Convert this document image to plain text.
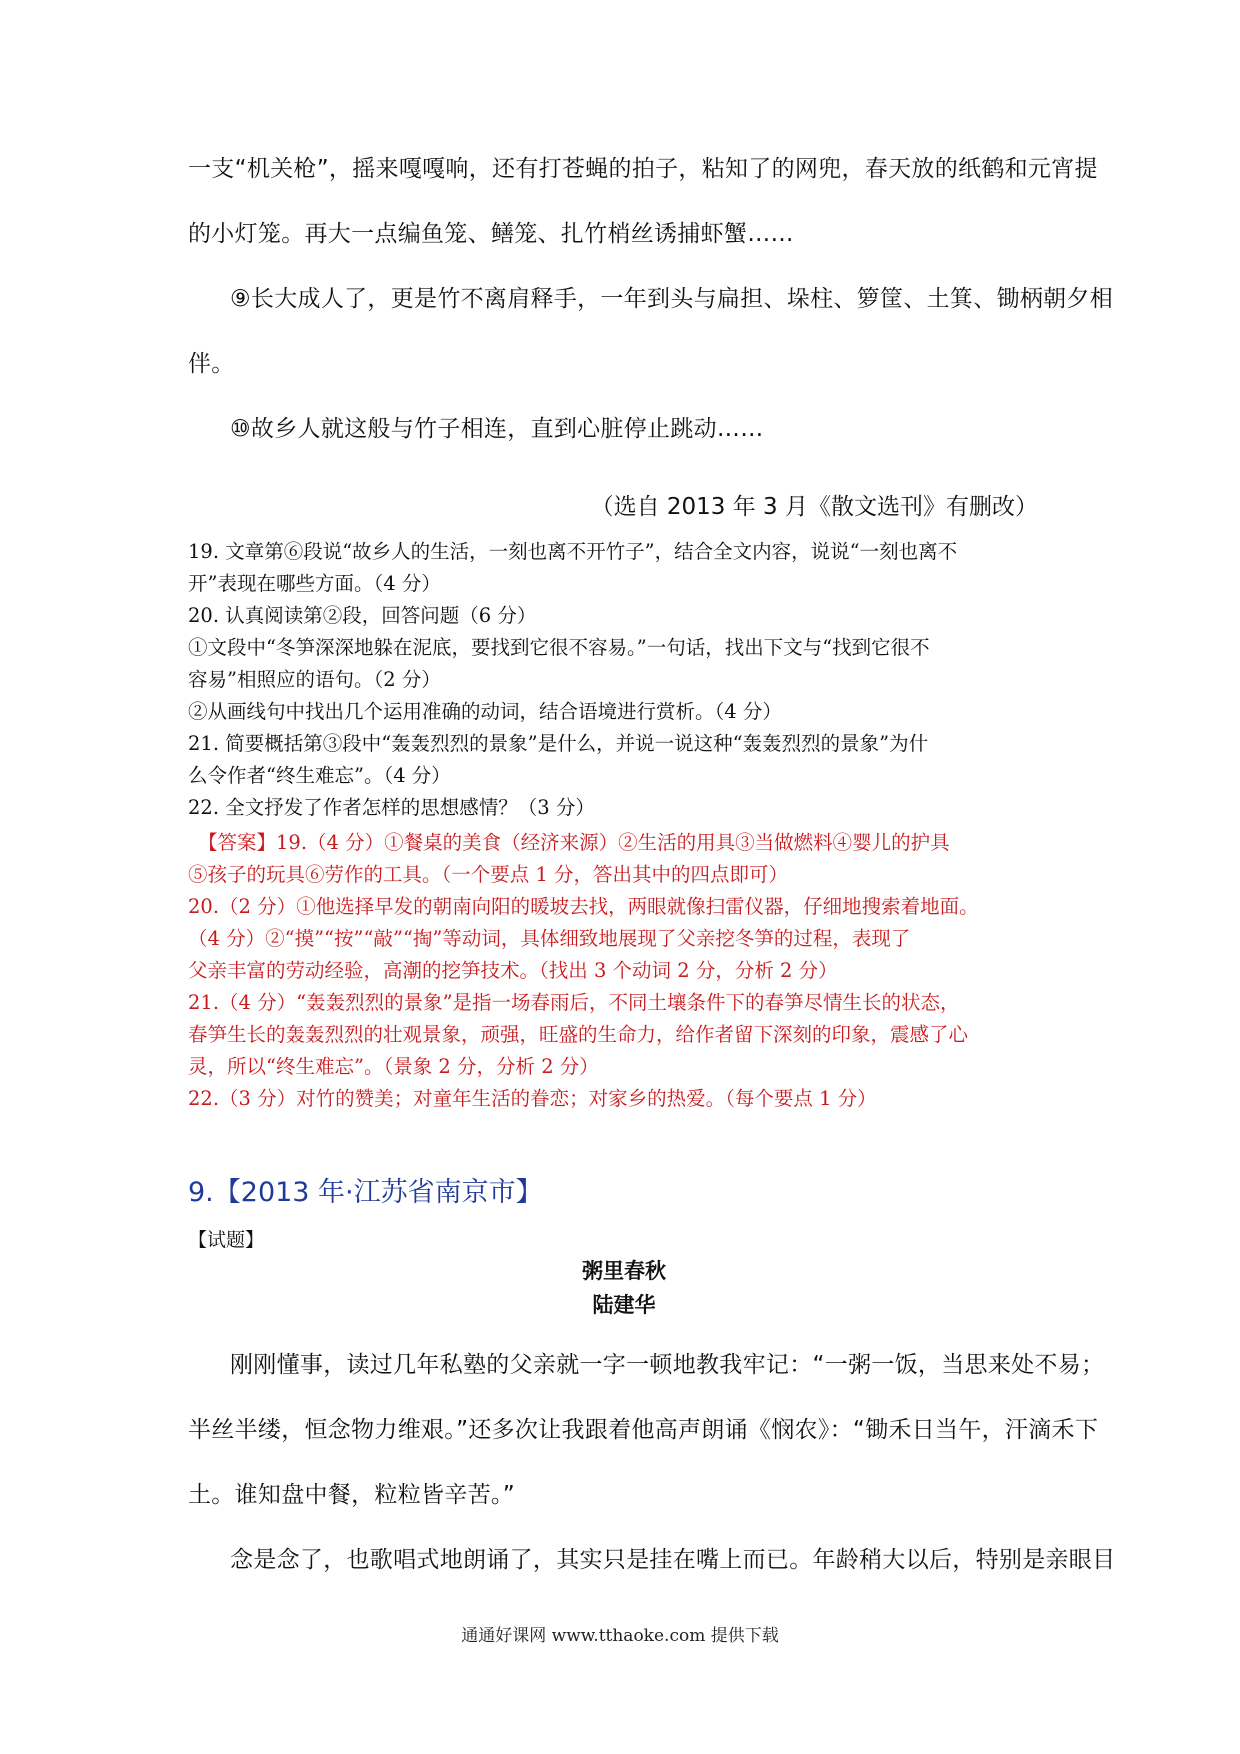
一支“机关枪”，摇来嘎嘎响，还有打苍蝇的拍子，粘知了的网兜，春天放的纸鹤和元宵提
的小灯笼。再大一点编鱼笼、鳝笼、扎竹梢丝诱捕虾蟹……
⑨长大成人了，更是竹不离肩释手，一年到头与扁担、垛柱、箩筐、土箕、锄柄朝夕相
伴。
⑩故乡人就这般与竹子相连，直到心脏停止跳动……
（选自 2013 年 3 月《散文选刊》有删改）
19. 文章第⑥段说“故乡人的生活，一刻也离不开竹子”，结合全文内容，说说“一刻也离不
开”表现在哪些方面。（4 分）
20. 认真阅读第②段，回答问题（6 分）
①文段中“冬笋深深地躲在泥底，要找到它很不容易。”一句话，找出下文与“找到它很不
容易”相照应的语句。（2 分）
②从画线句中找出几个运用准确的动词，结合语境进行赏析。（4 分）
21. 简要概括第③段中“轰轰烈烈的景象”是什么，并说一说这种“轰轰烈烈的景象”为什
么令作者“终生难忘”。（4 分）
22. 全文抒发了作者怎样的思想感情？（3 分）
【答案】19.（4 分）①餐桌的美食（经济来源）②生活的用具③当做燃料④婴儿的护具
⑤孩子的玩具⑥劳作的工具。（一个要点 1 分，答出其中的四点即可）
20.（2 分）①他选择早发的朝南向阳的暖坡去找，两眼就像扫雷仪器，仔细地搜索着地面。
（4 分）②“摸”“按”“敲”“掏”等动词，具体细致地展现了父亲挖冬笋的过程，表现了
父亲丰富的劳动经验，高潮的挖笋技术。（找出 3 个动词 2 分，分析 2 分）
21.（4 分）“轰轰烈烈的景象”是指一场春雨后，不同土壤条件下的春笋尽情生长的状态，
春笋生长的轰轰烈烈的壮观景象，顽强，旺盛的生命力，给作者留下深刻的印象，震感了心
灵，所以“终生难忘”。（景象 2 分，分析 2 分）
22.（3 分）对竹的赞美；对童年生活的眷恋；对家乡的热爱。（每个要点 1 分）
9.【2013 年·江苏省南京市】
【试题】
粥里春秋
陆建华
刚刚懂事，读过几年私塾的父亲就一字一顿地教我牢记：“一粥一饭，当思来处不易；
半丝半缕，恒念物力维艰。”还多次让我跟着他高声朗诵《悯农》：“锄禾日当午，汗滴禾下
土。谁知盘中餐，粒粒皆辛苦。”
念是念了，也歌唱式地朗诵了，其实只是挂在嘴上而已。年龄稍大以后，特别是亲眼目
通通好课网 www.tthaoke.com 提供下载
